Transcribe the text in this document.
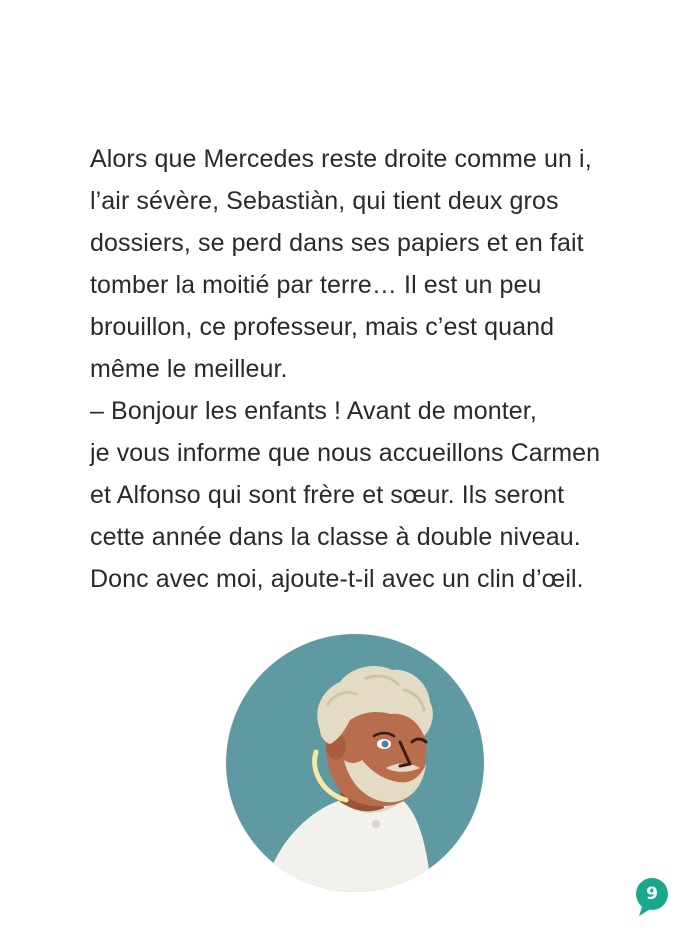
Alors que Mercedes reste droite comme un i,
l’air sévère, Sebastiàn, qui tient deux gros
dossiers, se perd dans ses papiers et en fait
tomber la moitié par terre… Il est un peu
brouillon, ce professeur, mais c’est quand
même le meilleur.
– Bonjour les enfants ! Avant de monter,
je vous informe que nous accueillons Carmen
et Alfonso qui sont frère et sœur. Ils seront
cette année dans la classe à double niveau.
Donc avec moi, ajoute-t-il avec un clin d’œil.
9
